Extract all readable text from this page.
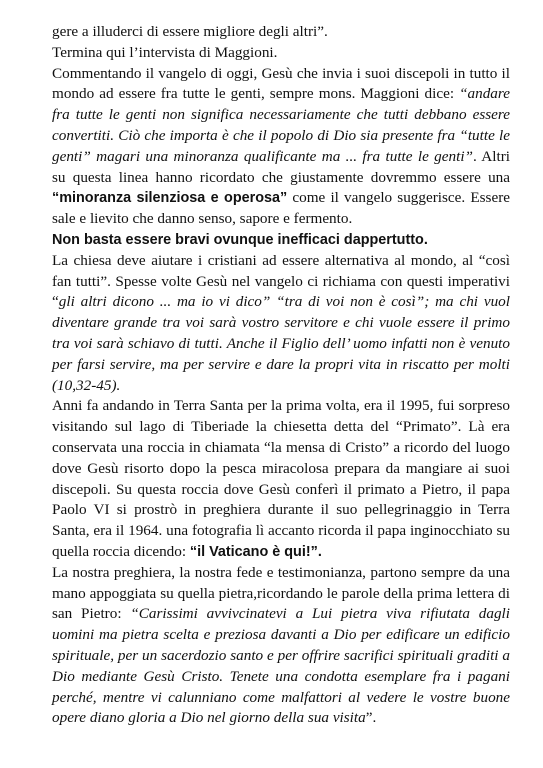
gere a illuderci di essere migliore degli altri”.

Termina qui l’intervista di Maggioni.

Commentando il vangelo di oggi, Gesù che invia i suoi discepoli in tutto il mondo ad essere fra tutte le genti, sempre mons. Maggioni dice: “andare fra tutte le genti non significa necessariamente che tutti debbano essere convertiti. Ciò che importa è che il popolo di Dio sia presente fra “tutte le genti” magari una minoranza qualificante ma ... fra tutte le genti”. Altri su questa linea hanno ricordato che giustamente dovremmo essere una “minoranza silenziosa e operosa” come il vangelo suggerisce. Essere sale e lievito che danno senso, sapore e fermento.

Non basta essere bravi ovunque inefficaci dappertutto.

La chiesa deve aiutare i cristiani ad essere alternativa al mondo, al “così fan tutti”. Spesse volte Gesù nel vangelo ci richiama con questi imperativi “gli altri dicono ... ma io vi dico” “tra di voi non è così”; ma chi vuol diventare grande tra voi sarà vostro servitore e chi vuole essere il primo tra voi sarà schiavo di tutti. Anche il Figlio dell’ uomo infatti non è venuto per farsi servire, ma per servire e dare la propri vita in riscatto per molti (10,32-45).

Anni fa andando in Terra Santa per la prima volta, era il 1995, fui sorpreso visitando sul lago di Tiberiade la chiesetta detta del “Primato”. Là era conservata una roccia in chiamata “la mensa di Cristo” a ricordo del luogo dove Gesù risorto dopo la pesca miracolosa prepara da mangiare ai suoi discepoli. Su questa roccia dove Gesù conferì il primato a Pietro, il papa Paolo VI si prostrò in preghiera durante il suo pellegrinaggio in Terra Santa, era il 1964. una fotografia lì accanto ricorda il papa inginocchiato su quella roccia dicendo: “il Vaticano è qui!”.

La nostra preghiera, la nostra fede e testimonianza, partono sempre da una mano appoggiata su quella pietra,ricordando le parole della prima lettera di san Pietro: “Carissimi avvivcinatevi a Lui pietra viva rifiutata dagli uomini ma pietra scelta e preziosa davanti a Dio per edificare un edificio spirituale, per un sacerdozio santo e per offrire sacrifici spirituali graditi a Dio mediante Gesù Cristo. Tenete una condotta esemplare fra i pagani perché, mentre vi calunniano come malfattori al vedere le vostre buone opere diano gloria a Dio nel giorno della sua visita”.
